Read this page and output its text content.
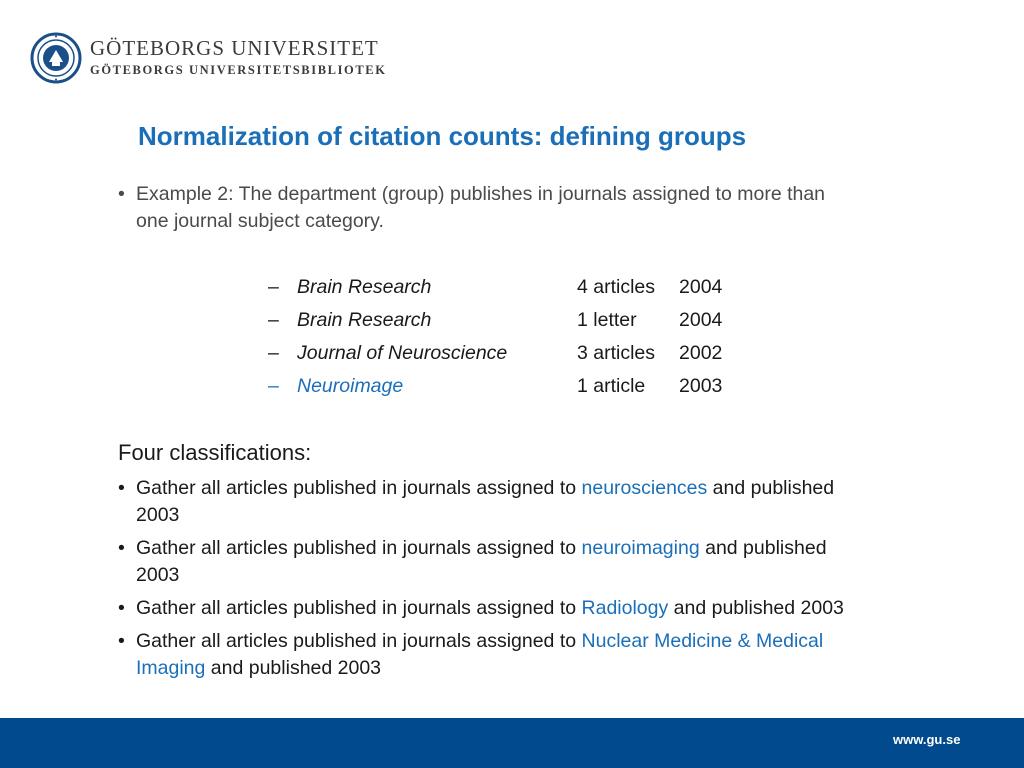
GÖTEBORGS UNIVERSITET
GÖTEBORGS UNIVERSITETSBIBLIOTEK
Normalization of citation counts: defining groups
• Example 2: The department (group) publishes in journals assigned to more than one journal subject category.
– Brain Research	4 articles	2004
– Brain Research	1 letter	2004
– Journal of Neuroscience	3 articles	2002
– Neuroimage	1 article	2003
Four classifications:
• Gather all articles published in journals assigned to neurosciences and published 2003
• Gather all articles published in journals assigned to neuroimaging and published 2003
• Gather all articles published in journals assigned to Radiology and published 2003
• Gather all articles published in journals assigned to Nuclear Medicine & Medical Imaging and published 2003
www.gu.se
